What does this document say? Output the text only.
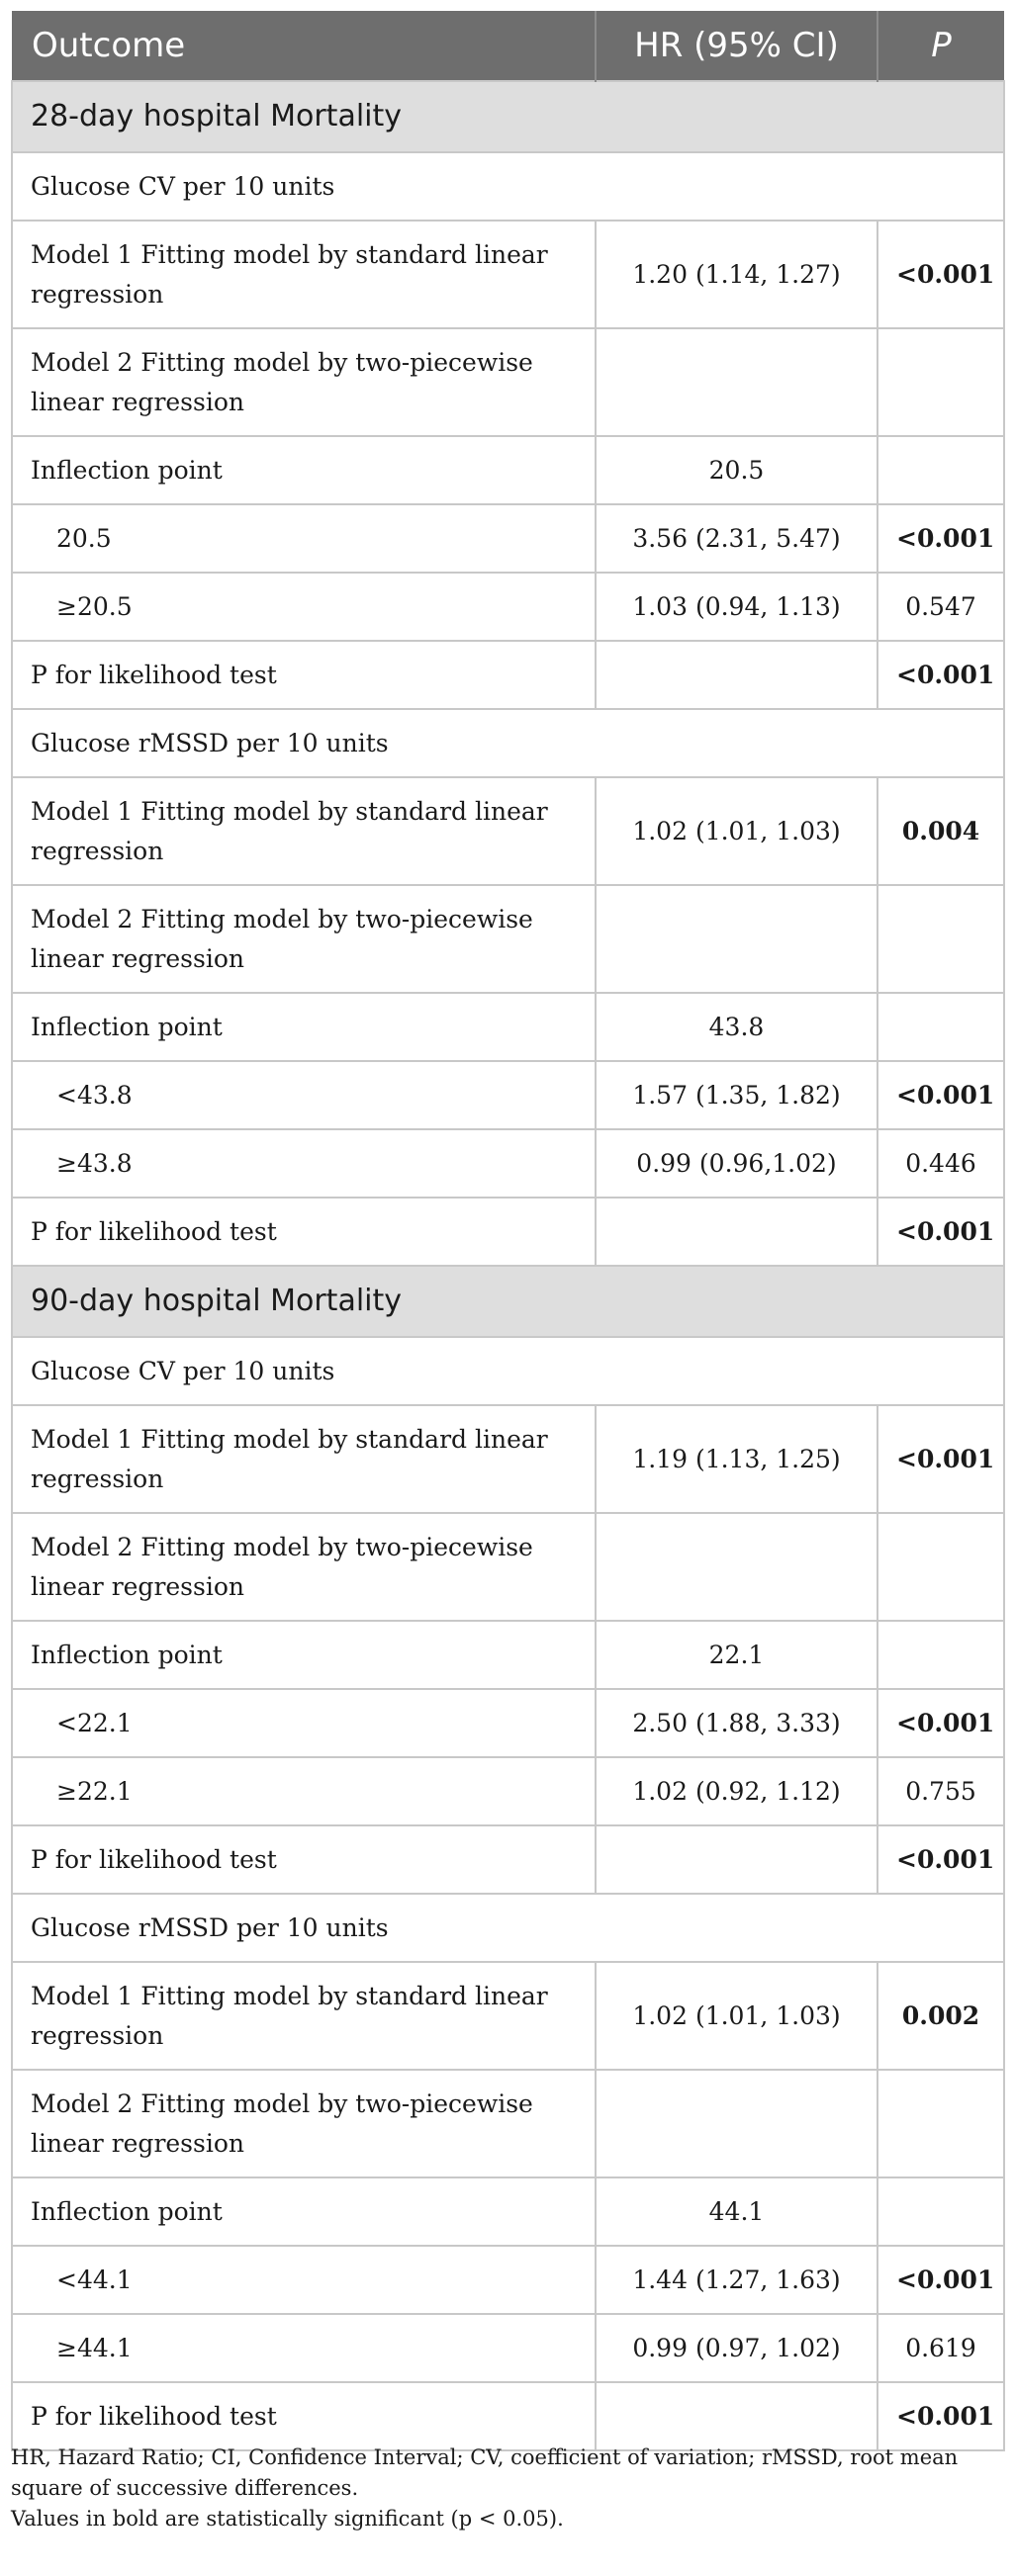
Outcome	HR (95% CI)	P
28-day hospital Mortality		
Glucose CV per 10 units		
Model 1 Fitting model by standard linear regression	1.20 (1.14, 1.27)	<0.001
Model 2 Fitting model by two-piecewise linear regression		
Inflection point	20.5	
20.5	3.56 (2.31, 5.47)	<0.001
≥20.5	1.03 (0.94, 1.13)	0.547
P for likelihood test		<0.001
Glucose rMSSD per 10 units		
Model 1 Fitting model by standard linear regression	1.02 (1.01, 1.03)	0.004
Model 2 Fitting model by two-piecewise linear regression		
Inflection point	43.8	
<43.8	1.57 (1.35, 1.82)	<0.001
≥43.8	0.99 (0.96,1.02)	0.446
P for likelihood test		<0.001
90-day hospital Mortality		
Glucose CV per 10 units		
Model 1 Fitting model by standard linear regression	1.19 (1.13, 1.25)	<0.001
Model 2 Fitting model by two-piecewise linear regression		
Inflection point	22.1	
<22.1	2.50 (1.88, 3.33)	<0.001
≥22.1	1.02 (0.92, 1.12)	0.755
P for likelihood test		<0.001
Glucose rMSSD per 10 units		
Model 1 Fitting model by standard linear regression	1.02 (1.01, 1.03)	0.002
Model 2 Fitting model by two-piecewise linear regression		
Inflection point	44.1	
<44.1	1.44 (1.27, 1.63)	<0.001
≥44.1	0.99 (0.97, 1.02)	0.619
P for likelihood test		<0.001

HR, Hazard Ratio; CI, Confidence Interval; CV, coefficient of variation; rMSSD, root mean square of successive differences.

Values in bold are statistically significant (p < 0.05).
